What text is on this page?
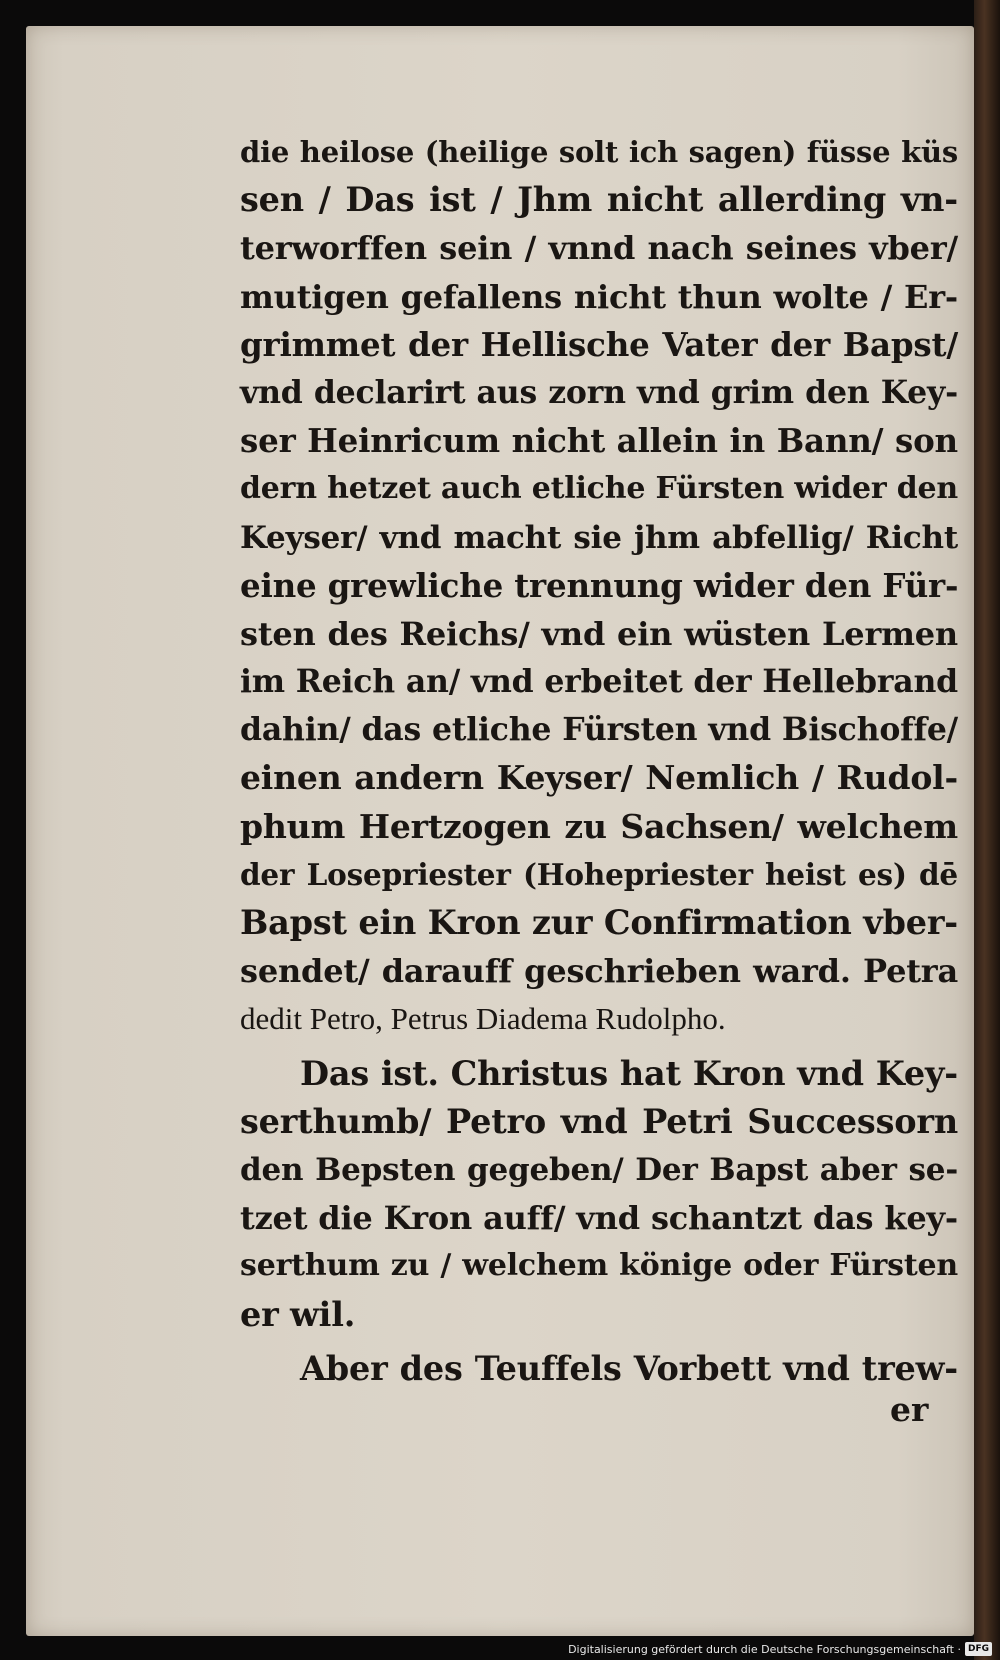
die heilose (heilige solt ich sagen) füsse küs
sen / Das ist / Jhm nicht allerding vn-
terworffen sein / vnnd nach seines vber/
mutigen gefallens nicht thun wolte / Er-
grimmet der Hellische Vater der Bapst/
vnd declarirt aus zorn vnd grim den Key-
ser Heinricum nicht allein in Bann/ son
dern hetzet auch etliche Fürsten wider den
Keyser/ vnd macht sie jhm abfellig/ Richt
eine grewliche trennung wider den Für-
sten des Reichs/ vnd ein wüsten Lermen
im Reich an/ vnd erbeitet der Hellebrand
dahin/ das etliche Fürsten vnd Bischoffe/
einen andern Keyser/ Nemlich / Rudol-
phum Hertzogen zu Sachsen/ welchem
der Losepriester (Hohepriester heist es) dē
Bapst ein Kron zur Confirmation vber-
sendet/ darauff geschrieben ward. Petra
dedit Petro, Petrus Diadema Rudolpho.
Das ist. Christus hat Kron vnd Key-
serthumb/ Petro vnd Petri Successorn
den Bepsten gegeben/ Der Bapst aber se-
tzet die Kron auff/ vnd schantzt das key-
serthum zu / welchem könige oder Fürsten
er wil.
Aber des Teuffels Vorbett vnd trew-
er
Digitalisierung gefördert durch die Deutsche Forschungsgemeinschaft · DFG
